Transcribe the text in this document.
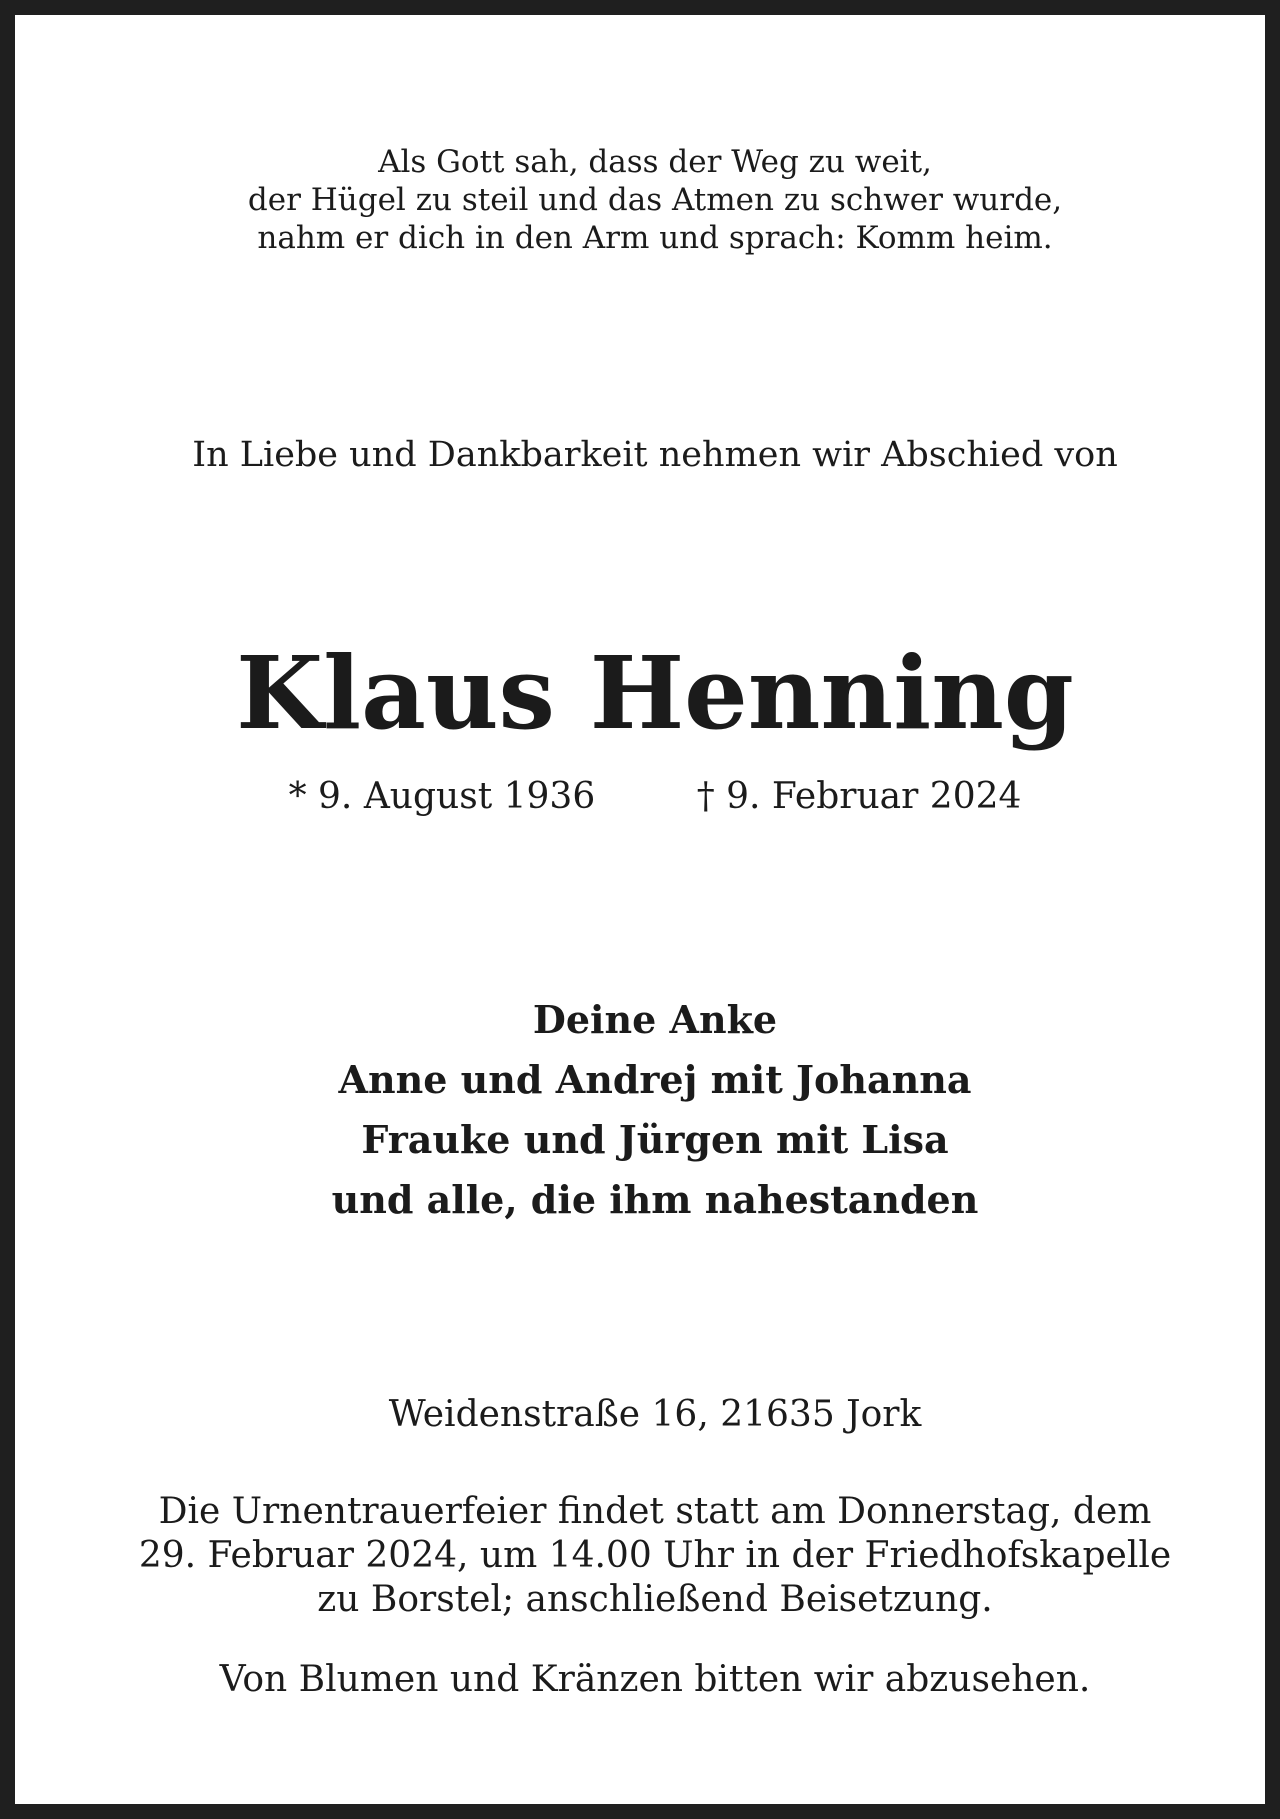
Als Gott sah, dass der Weg zu weit,
der Hügel zu steil und das Atmen zu schwer wurde,
nahm er dich in den Arm und sprach: Komm heim.
In Liebe und Dankbarkeit nehmen wir Abschied von
Klaus Henning
* 9. August 1936	† 9. Februar 2024
Deine Anke
Anne und Andrej mit Johanna
Frauke und Jürgen mit Lisa
und alle, die ihm nahestanden
Weidenstraße 16, 21635 Jork
Die Urnentrauerfeier findet statt am Donnerstag, dem
29. Februar 2024, um 14.00 Uhr in der Friedhofskapelle
zu Borstel; anschließend Beisetzung.
Von Blumen und Kränzen bitten wir abzusehen.
